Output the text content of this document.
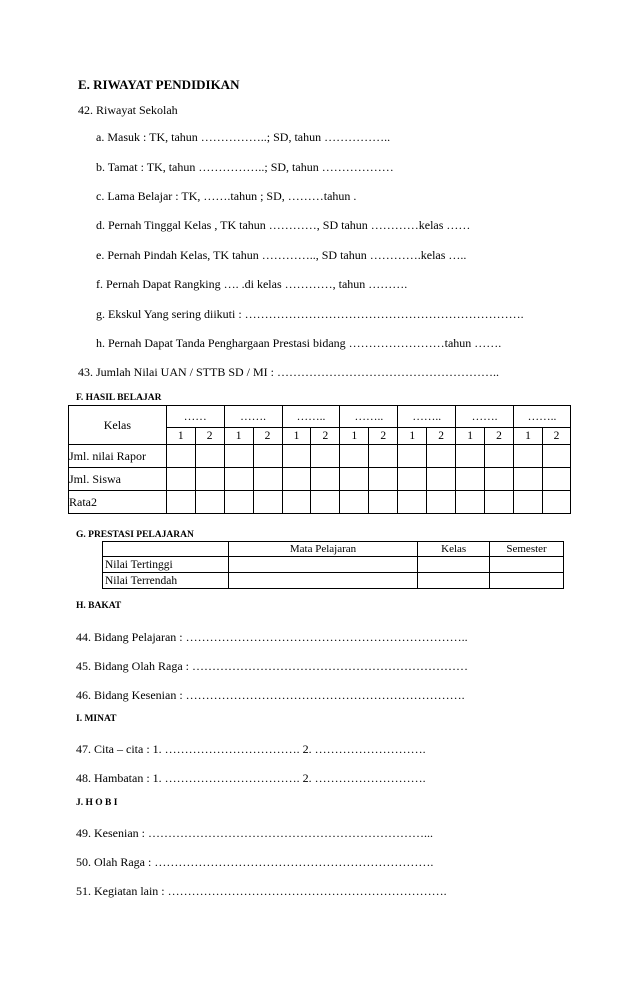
E. RIWAYAT PENDIDIKAN
42. Riwayat Sekolah
a. Masuk : TK, tahun ……………..; SD, tahun ……………..
b. Tamat : TK, tahun ……………..; SD, tahun ………………
c. Lama Belajar : TK, …….tahun ; SD, ………tahun .
d. Pernah Tinggal Kelas , TK tahun …………, SD tahun …………kelas ……
e. Pernah Pindah Kelas, TK tahun ………….., SD tahun ………….kelas …..
f. Pernah Dapat Rangking …. .di kelas …………, tahun ……….
g. Ekskul Yang sering diikuti : …………………………………………………………….
h. Pernah Dapat Tanda Penghargaan Prestasi bidang ……………………tahun …….
43. Jumlah Nilai UAN / STTB SD / MI : ………………………………………………..
F. HASIL BELAJAR
Kelas	……		…….		……..		……..		……..		…….		……..	
	1	2	1	2	1	2	1	2	1	2	1	2	1	2
Jml. nilai Rapor														
Jml. Siswa														
Rata2														
G. PRESTASI PELAJARAN
	Mata Pelajaran	Kelas	Semester
Nilai Tertinggi			
Nilai Terrendah			
H. BAKAT
44. Bidang Pelajaran : ……………………………………………………………..
45. Bidang Olah Raga : ……………………………………………………………
46. Bidang Kesenian : …………………………………………………………….
I. MINAT
47. Cita – cita : 1. ……………………………. 2. ……………………….
48. Hambatan : 1. ……………………………. 2. ……………………….
J. H O B I
49. Kesenian : ……………………………………………………………...
50. Olah Raga : …………………………………………………………….
51. Kegiatan lain : …………………………………………………………….
